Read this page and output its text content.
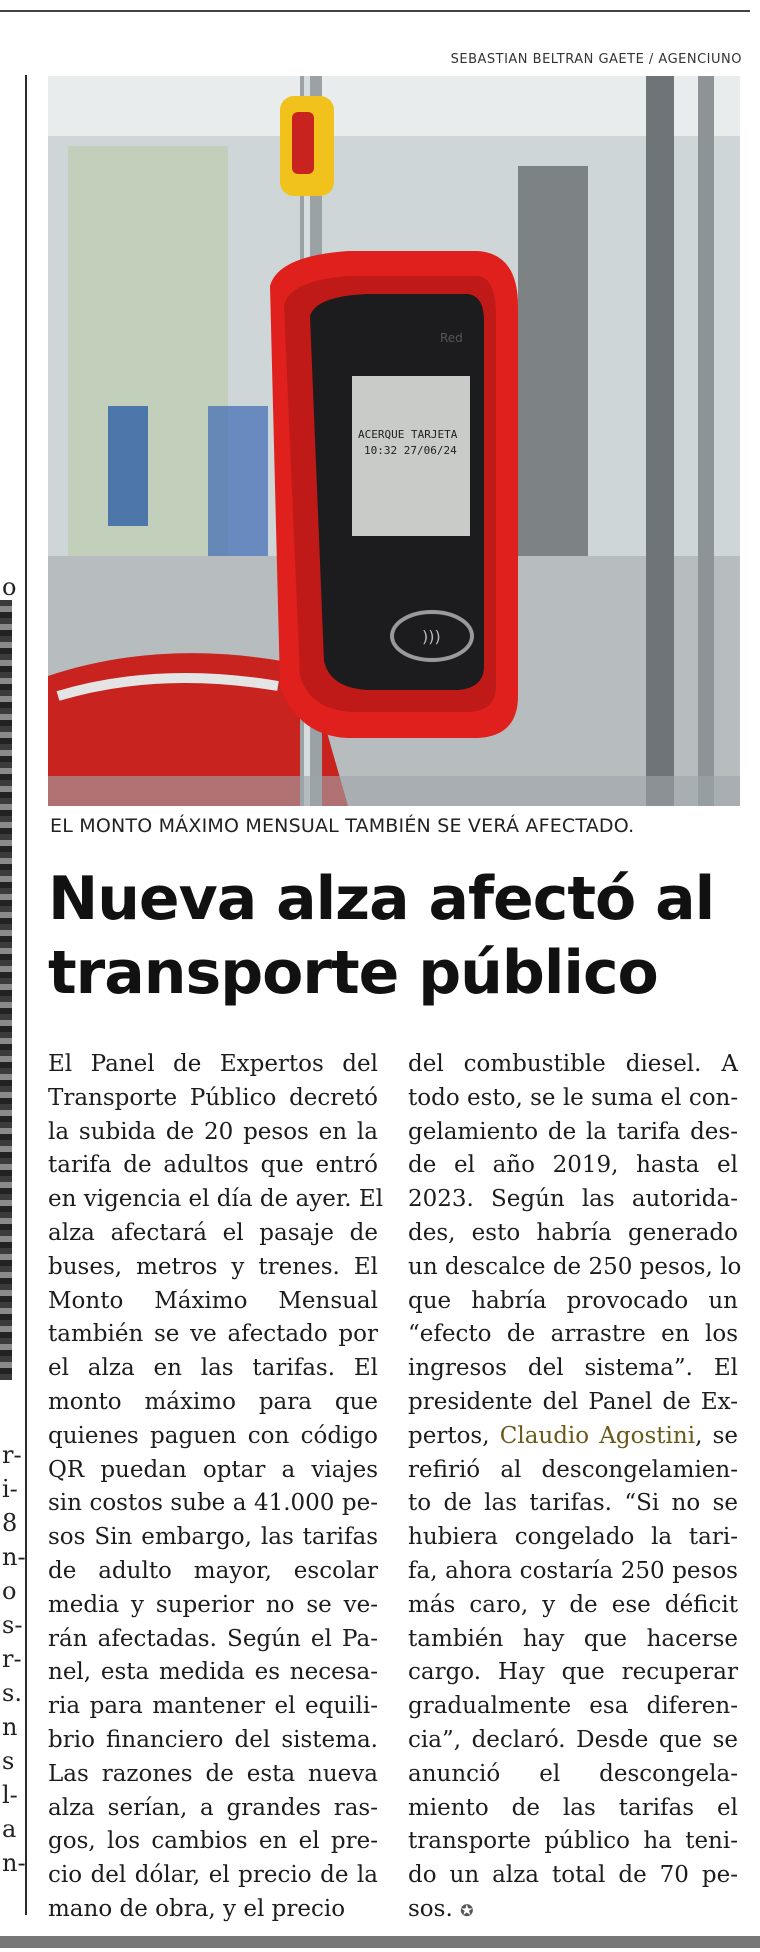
o
r-
i-
8
n-
o
s-
r-
s.
n
s
l-
a
n-
SEBASTIAN BELTRAN GAETE / AGENCIUNO
ACERQUE TARJETA
10:32 27/06/24
Red
)))
EL MONTO MÁXIMO MENSUAL TAMBIÉN SE VERÁ AFECTADO.
Nueva alza afectó al
transporte público
El Panel de Expertos del
Transporte Público decretó
la subida de 20 pesos en la
tarifa de adultos que entró
en vigencia el día de ayer. El
alza afectará el pasaje de
buses, metros y trenes. El
Monto Máximo Mensual
también se ve afectado por
el alza en las tarifas. El
monto máximo para que
quienes paguen con código
QR puedan optar a viajes
sin costos sube a 41.000 pe-
sos Sin embargo, las tarifas
de adulto mayor, escolar
media y superior no se ve-
rán afectadas. Según el Pa-
nel, esta medida es necesa-
ria para mantener el equili-
brio financiero del sistema.
Las razones de esta nueva
alza serían, a grandes ras-
gos, los cambios en el pre-
cio del dólar, el precio de la
mano de obra, y el precio
del combustible diesel. A
todo esto, se le suma el con-
gelamiento de la tarifa des-
de el año 2019, hasta el
2023. Según las autorida-
des, esto habría generado
un descalce de 250 pesos, lo
que habría provocado un
“efecto de arrastre en los
ingresos del sistema”. El
presidente del Panel de Ex-
pertos, Claudio Agostini, se
refirió al descongelamien-
to de las tarifas. “Si no se
hubiera congelado la tari-
fa, ahora costaría 250 pesos
más caro, y de ese déficit
también hay que hacerse
cargo. Hay que recuperar
gradualmente esa diferen-
cia”, declaró. Desde que se
anunció el descongela-
miento de las tarifas el
transporte público ha teni-
do un alza total de 70 pe-
sos. ✪
